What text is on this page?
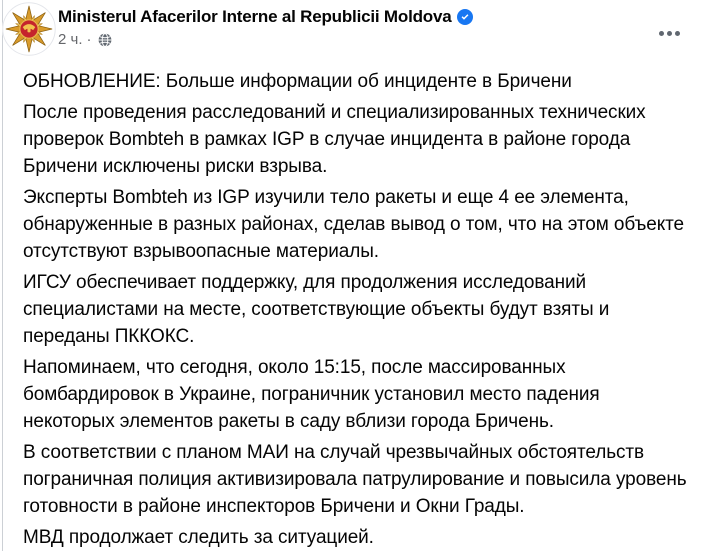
Ministerul Afacerilor Interne al Republicii Moldova
2 ч. ·

ОБНОВЛЕНИЕ: Больше информации об инциденте в Бричени

После проведения расследований и специализированных технических проверок Bombteh в рамках IGP в случае инцидента в районе города Бричени исключены риски взрыва.

Эксперты Bombteh из IGP изучили тело ракеты и еще 4 ее элемента, обнаруженные в разных районах, сделав вывод о том, что на этом объекте отсутствуют взрывоопасные материалы.

ИГСУ обеспечивает поддержку, для продолжения исследований специалистами на месте, соответствующие объекты будут взяты и переданы ПККОКС.

Напоминаем, что сегодня, около 15:15, после массированных бомбардировок в Украине, пограничник установил место падения некоторых элементов ракеты в саду вблизи города Бричень.

В соответствии с планом МАИ на случай чрезвычайных обстоятельств пограничная полиция активизировала патрулирование и повысила уровень готовности в районе инспекторов Бричени и Окни Грады.

МВД продолжает следить за ситуацией.
